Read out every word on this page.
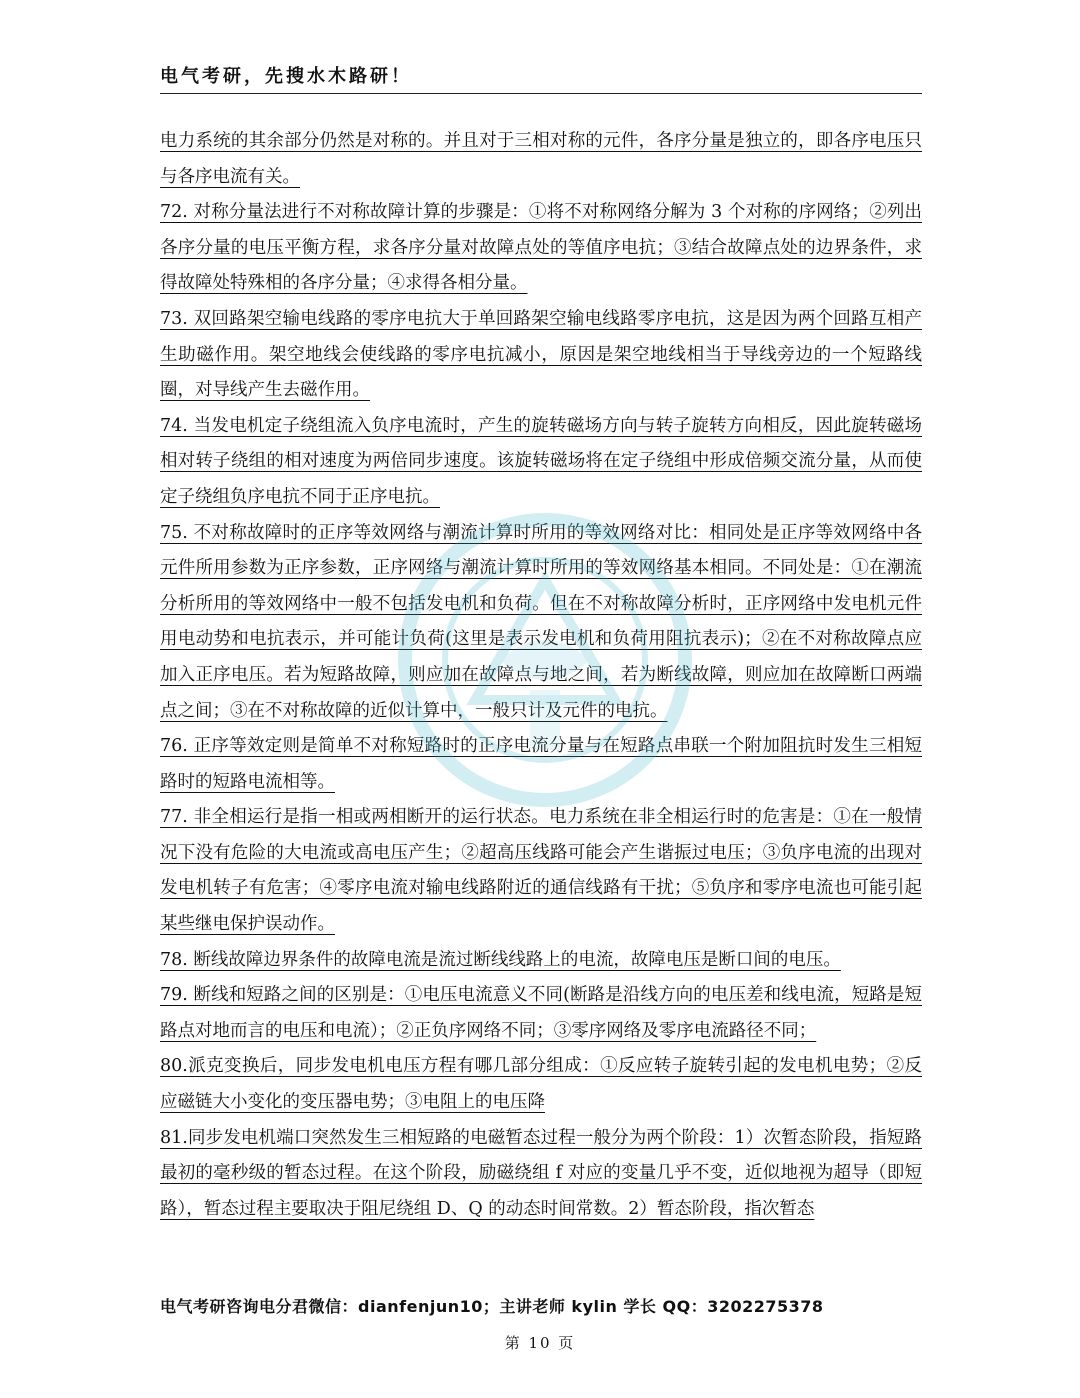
电气考研，先搜水木路研！

电力系统的其余部分仍然是对称的。并且对于三相对称的元件，各序分量是独立的，即各序电压只与各序电流有关。

72. 对称分量法进行不对称故障计算的步骤是：①将不对称网络分解为 3 个对称的序网络；②列出各序分量的电压平衡方程，求各序分量对故障点处的等值序电抗；③结合故障点处的边界条件，求得故障处特殊相的各序分量；④求得各相分量。

73. 双回路架空输电线路的零序电抗大于单回路架空输电线路零序电抗，这是因为两个回路互相产生助磁作用。架空地线会使线路的零序电抗减小，原因是架空地线相当于导线旁边的一个短路线圈，对导线产生去磁作用。

74. 当发电机定子绕组流入负序电流时，产生的旋转磁场方向与转子旋转方向相反，因此旋转磁场相对转子绕组的相对速度为两倍同步速度。该旋转磁场将在定子绕组中形成倍频交流分量，从而使定子绕组负序电抗不同于正序电抗。

75. 不对称故障时的正序等效网络与潮流计算时所用的等效网络对比：相同处是正序等效网络中各元件所用参数为正序参数，正序网络与潮流计算时所用的等效网络基本相同。不同处是：①在潮流分析所用的等效网络中一般不包括发电机和负荷。但在不对称故障分析时，正序网络中发电机元件用电动势和电抗表示，并可能计负荷(这里是表示发电机和负荷用阻抗表示)；②在不对称故障点应加入正序电压。若为短路故障，则应加在故障点与地之间，若为断线故障，则应加在故障断口两端点之间；③在不对称故障的近似计算中，一般只计及元件的电抗。

76. 正序等效定则是简单不对称短路时的正序电流分量与在短路点串联一个附加阻抗时发生三相短路时的短路电流相等。

77. 非全相运行是指一相或两相断开的运行状态。电力系统在非全相运行时的危害是：①在一般情况下没有危险的大电流或高电压产生；②超高压线路可能会产生谐振过电压；③负序电流的出现对发电机转子有危害；④零序电流对输电线路附近的通信线路有干扰；⑤负序和零序电流也可能引起某些继电保护误动作。

78. 断线故障边界条件的故障电流是流过断线线路上的电流，故障电压是断口间的电压。

79. 断线和短路之间的区别是：①电压电流意义不同(断路是沿线方向的电压差和线电流，短路是短路点对地而言的电压和电流）；②正负序网络不同；③零序网络及零序电流路径不同；

80.派克变换后，同步发电机电压方程有哪几部分组成：①反应转子旋转引起的发电机电势；②反应磁链大小变化的变压器电势；③电阻上的电压降

81.同步发电机端口突然发生三相短路的电磁暂态过程一般分为两个阶段：1）次暂态阶段，指短路最初的毫秒级的暂态过程。在这个阶段，励磁绕组 f 对应的变量几乎不变，近似地视为超导（即短路），暂态过程主要取决于阻尼绕组 D、Q 的动态时间常数。2）暂态阶段，指次暂态

电气考研咨询电分君微信：dianfenjun10；主讲老师 kylin 学长 QQ：3202275378
第 10 页
